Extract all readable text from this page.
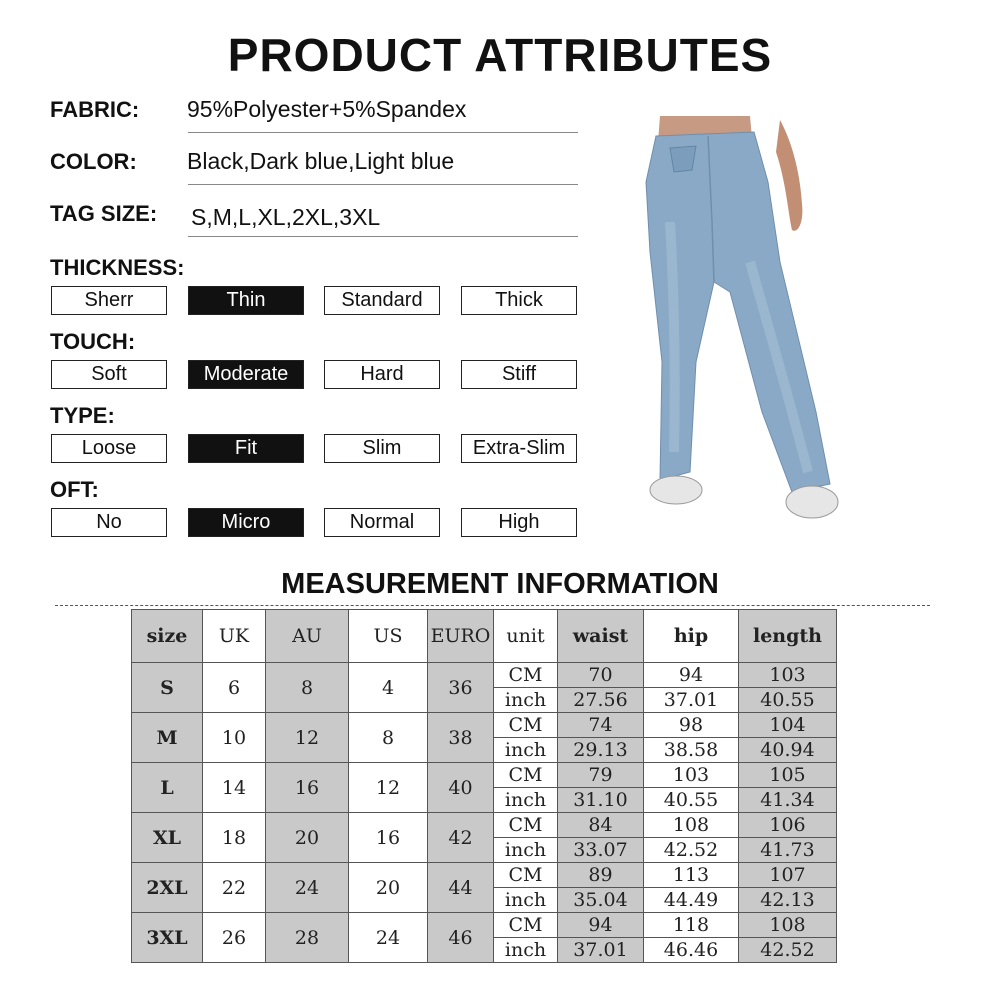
PRODUCT ATTRIBUTES
FABRIC: 95%Polyester+5%Spandex
COLOR: Black,Dark blue,Light blue
TAG SIZE: S,M,L,XL,2XL,3XL
THICKNESS:
Sherr	Thin	Standard	Thick
TOUCH:
Soft	Moderate	Hard	Stiff
TYPE:
Loose	Fit	Slim	Extra-Slim
OFT:
No	Micro	Normal	High
MEASUREMENT INFORMATION
size	UK	AU	US	EURO	unit	waist	hip	length
S	6	8	4	36	CM	70	94	103
					inch	27.56	37.01	40.55
M	10	12	8	38	CM	74	98	104
					inch	29.13	38.58	40.94
L	14	16	12	40	CM	79	103	105
					inch	31.10	40.55	41.34
XL	18	20	16	42	CM	84	108	106
					inch	33.07	42.52	41.73
2XL	22	24	20	44	CM	89	113	107
					inch	35.04	44.49	42.13
3XL	26	28	24	46	CM	94	118	108
					inch	37.01	46.46	42.52
